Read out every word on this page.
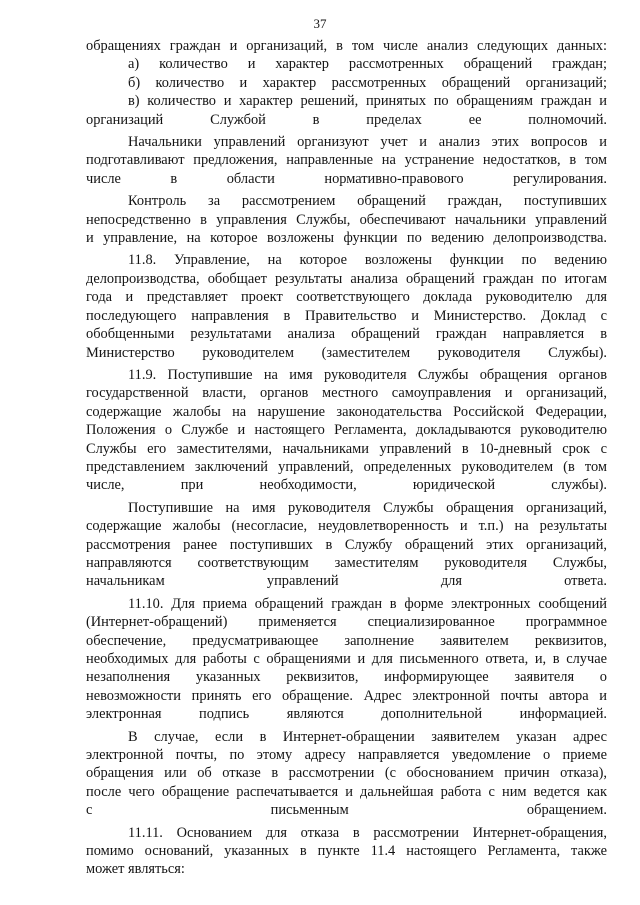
37

обращениях граждан и организаций, в том числе анализ следующих данных:

а) количество и характер рассмотренных обращений граждан;

б) количество и характер рассмотренных обращений организаций;

в) количество и характер решений, принятых по обращениям граждан и

организаций Службой в пределах ее полномочий.

Начальники управлений организуют учет и анализ этих вопросов и

подготавливают предложения, направленные на устранение недостатков, в том

числе в области нормативно-правового регулирования.

Контроль за рассмотрением обращений граждан, поступивших

непосредственно в управления Службы, обеспечивают начальники управлений

и управление, на которое возложены функции по ведению делопроизводства.

11.8. Управление, на которое возложены функции по ведению

делопроизводства, обобщает результаты анализа обращений граждан по итогам

года и представляет проект соответствующего доклада руководителю для

последующего направления в Правительство и Министерство. Доклад с

обобщенными результатами анализа обращений граждан направляется в

Министерство руководителем (заместителем руководителя Службы).

11.9. Поступившие на имя руководителя Службы обращения органов

государственной власти, органов местного самоуправления и организаций,

содержащие жалобы на нарушение законодательства Российской Федерации,

Положения о Службе и настоящего Регламента, докладываются руководителю

Службы его заместителями, начальниками управлений в 10-дневный срок с

представлением заключений управлений, определенных руководителем (в том

числе, при необходимости, юридической службы).

Поступившие на имя руководителя Службы обращения организаций,

содержащие жалобы (несогласие, неудовлетворенность и т.п.) на результаты

рассмотрения ранее поступивших в Службу обращений этих организаций,

направляются соответствующим заместителям руководителя Службы,

начальникам управлений для ответа.

11.10. Для приема обращений граждан в форме электронных сообщений

(Интернет-обращений) применяется специализированное программное

обеспечение, предусматривающее заполнение заявителем реквизитов,

необходимых для работы с обращениями и для письменного ответа, и, в случае

незаполнения указанных реквизитов, информирующее заявителя о

невозможности принять его обращение. Адрес электронной почты автора и

электронная подпись являются дополнительной информацией.

В случае, если в Интернет-обращении заявителем указан адрес

электронной почты, по этому адресу направляется уведомление о приеме

обращения или об отказе в рассмотрении (с обоснованием причин отказа),

после чего обращение распечатывается и дальнейшая работа с ним ведется как

с письменным обращением.

11.11. Основанием для отказа в рассмотрении Интернет-обращения,

помимо оснований, указанных в пункте 11.4 настоящего Регламента, также

может являться:
